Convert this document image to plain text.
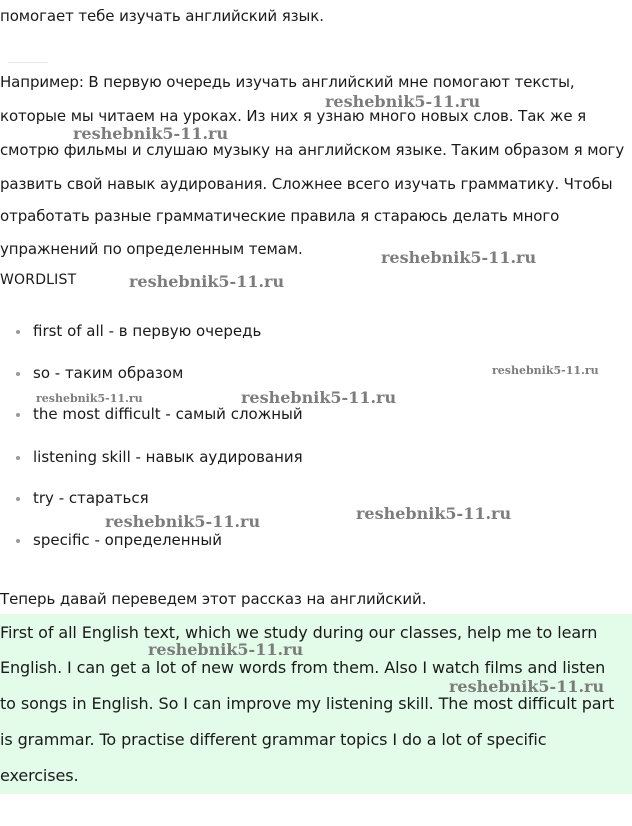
помогает тебе изучать английский язык.
Например: В первую очередь изучать английский мне помогают тексты,
которые мы читаем на уроках. Из них я узнаю много новых слов. Так же я
смотрю фильмы и слушаю музыку на английском языке. Таким образом я могу
развить свой навык аудирования. Сложнее всего изучать грамматику. Чтобы
отработать разные грамматические правила я стараюсь делать много
упражнений по определенным темам.
WORDLIST
first of all - в первую очередь
so - таким образом
the most difficult - самый сложный
listening skill - навык аудирования
try - стараться
specific - определенный
Теперь давай переведем этот рассказ на английский.
First of all English text, which we study during our classes, help me to learn
English. I can get a lot of new words from them. Also I watch films and listen
to songs in English. So I can improve my listening skill. The most difficult part
is grammar. To practise different grammar topics I do a lot of specific
exercises.
reshebnik5-11.ru
reshebnik5-11.ru
reshebnik5-11.ru
reshebnik5-11.ru
reshebnik5-11.ru
reshebnik5-11.ru	reshebnik5-11.ru
reshebnik5-11.ru
reshebnik5-11.ru
reshebnik5-11.ru
reshebnik5-11.ru
